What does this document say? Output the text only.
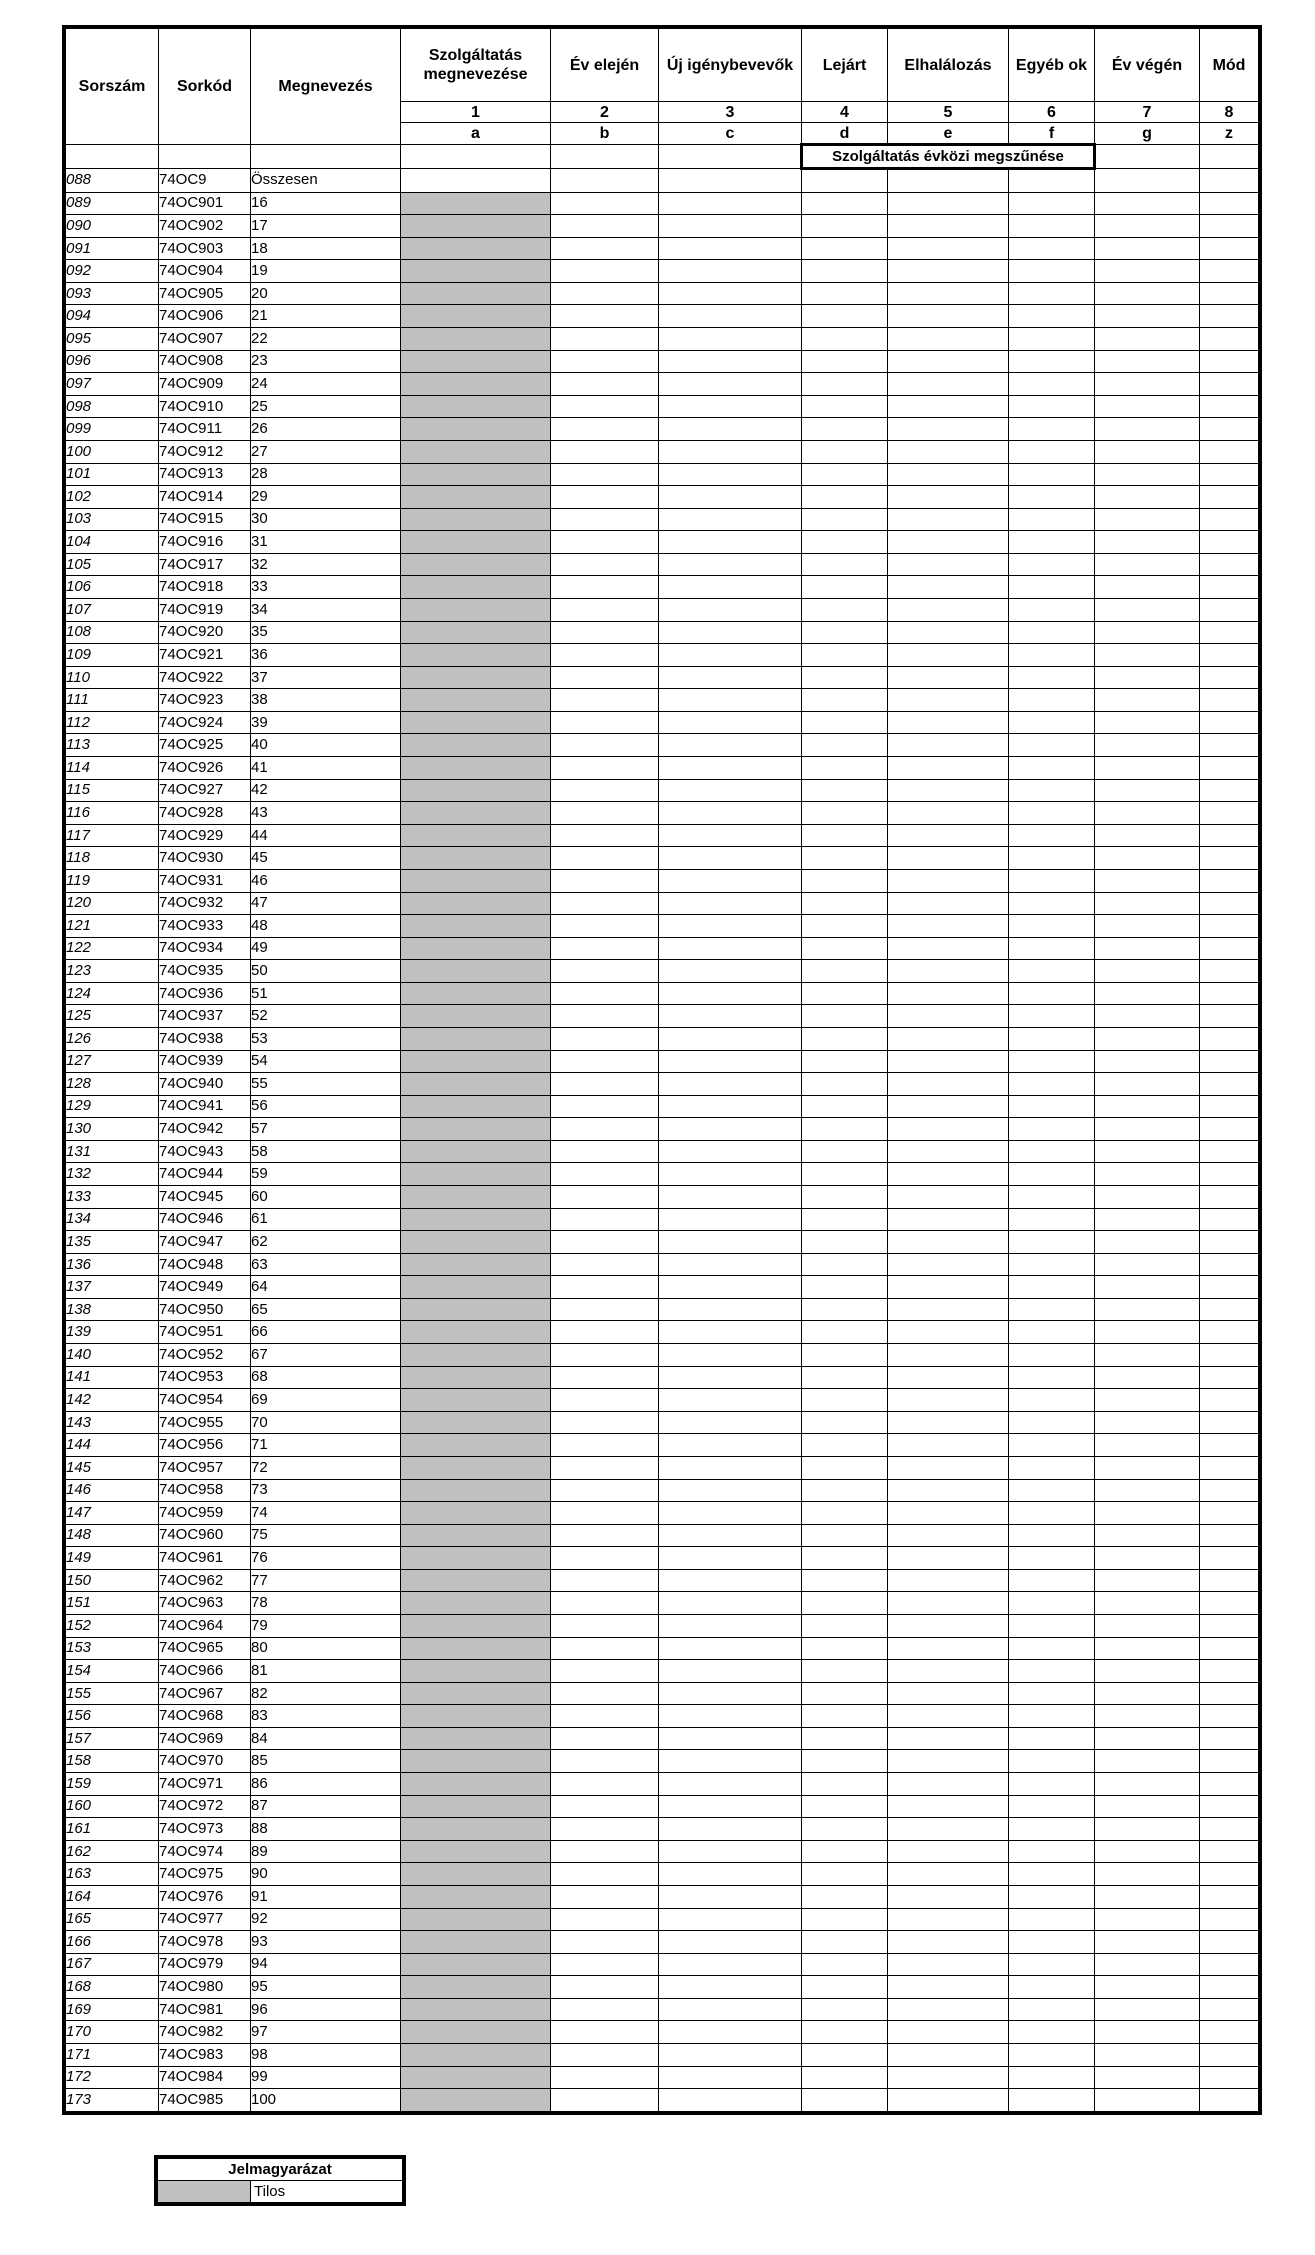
Sorszám	Sorkód	Megnevezés	Szolgáltatás megnevezése	Év elején	Új igénybevevők	Lejárt	Elhalálozás	Egyéb ok	Év végén	Mód
			1	2	3	4	5	6	7	8
			a	b	c	d	e	f	g	z
						Szolgáltatás évközi megszűnése				
088	74OC9	Összesen								
089	74OC901	16								
090	74OC902	17								
091	74OC903	18								
092	74OC904	19								
093	74OC905	20								
094	74OC906	21								
095	74OC907	22								
096	74OC908	23								
097	74OC909	24								
098	74OC910	25								
099	74OC911	26								
100	74OC912	27								
101	74OC913	28								
102	74OC914	29								
103	74OC915	30								
104	74OC916	31								
105	74OC917	32								
106	74OC918	33								
107	74OC919	34								
108	74OC920	35								
109	74OC921	36								
110	74OC922	37								
111	74OC923	38								
112	74OC924	39								
113	74OC925	40								
114	74OC926	41								
115	74OC927	42								
116	74OC928	43								
117	74OC929	44								
118	74OC930	45								
119	74OC931	46								
120	74OC932	47								
121	74OC933	48								
122	74OC934	49								
123	74OC935	50								
124	74OC936	51								
125	74OC937	52								
126	74OC938	53								
127	74OC939	54								
128	74OC940	55								
129	74OC941	56								
130	74OC942	57								
131	74OC943	58								
132	74OC944	59								
133	74OC945	60								
134	74OC946	61								
135	74OC947	62								
136	74OC948	63								
137	74OC949	64								
138	74OC950	65								
139	74OC951	66								
140	74OC952	67								
141	74OC953	68								
142	74OC954	69								
143	74OC955	70								
144	74OC956	71								
145	74OC957	72								
146	74OC958	73								
147	74OC959	74								
148	74OC960	75								
149	74OC961	76								
150	74OC962	77								
151	74OC963	78								
152	74OC964	79								
153	74OC965	80								
154	74OC966	81								
155	74OC967	82								
156	74OC968	83								
157	74OC969	84								
158	74OC970	85								
159	74OC971	86								
160	74OC972	87								
161	74OC973	88								
162	74OC974	89								
163	74OC975	90								
164	74OC976	91								
165	74OC977	92								
166	74OC978	93								
167	74OC979	94								
168	74OC980	95								
169	74OC981	96								
170	74OC982	97								
171	74OC983	98								
172	74OC984	99								
173	74OC985	100								
Jelmagyarázat
	Tilos
